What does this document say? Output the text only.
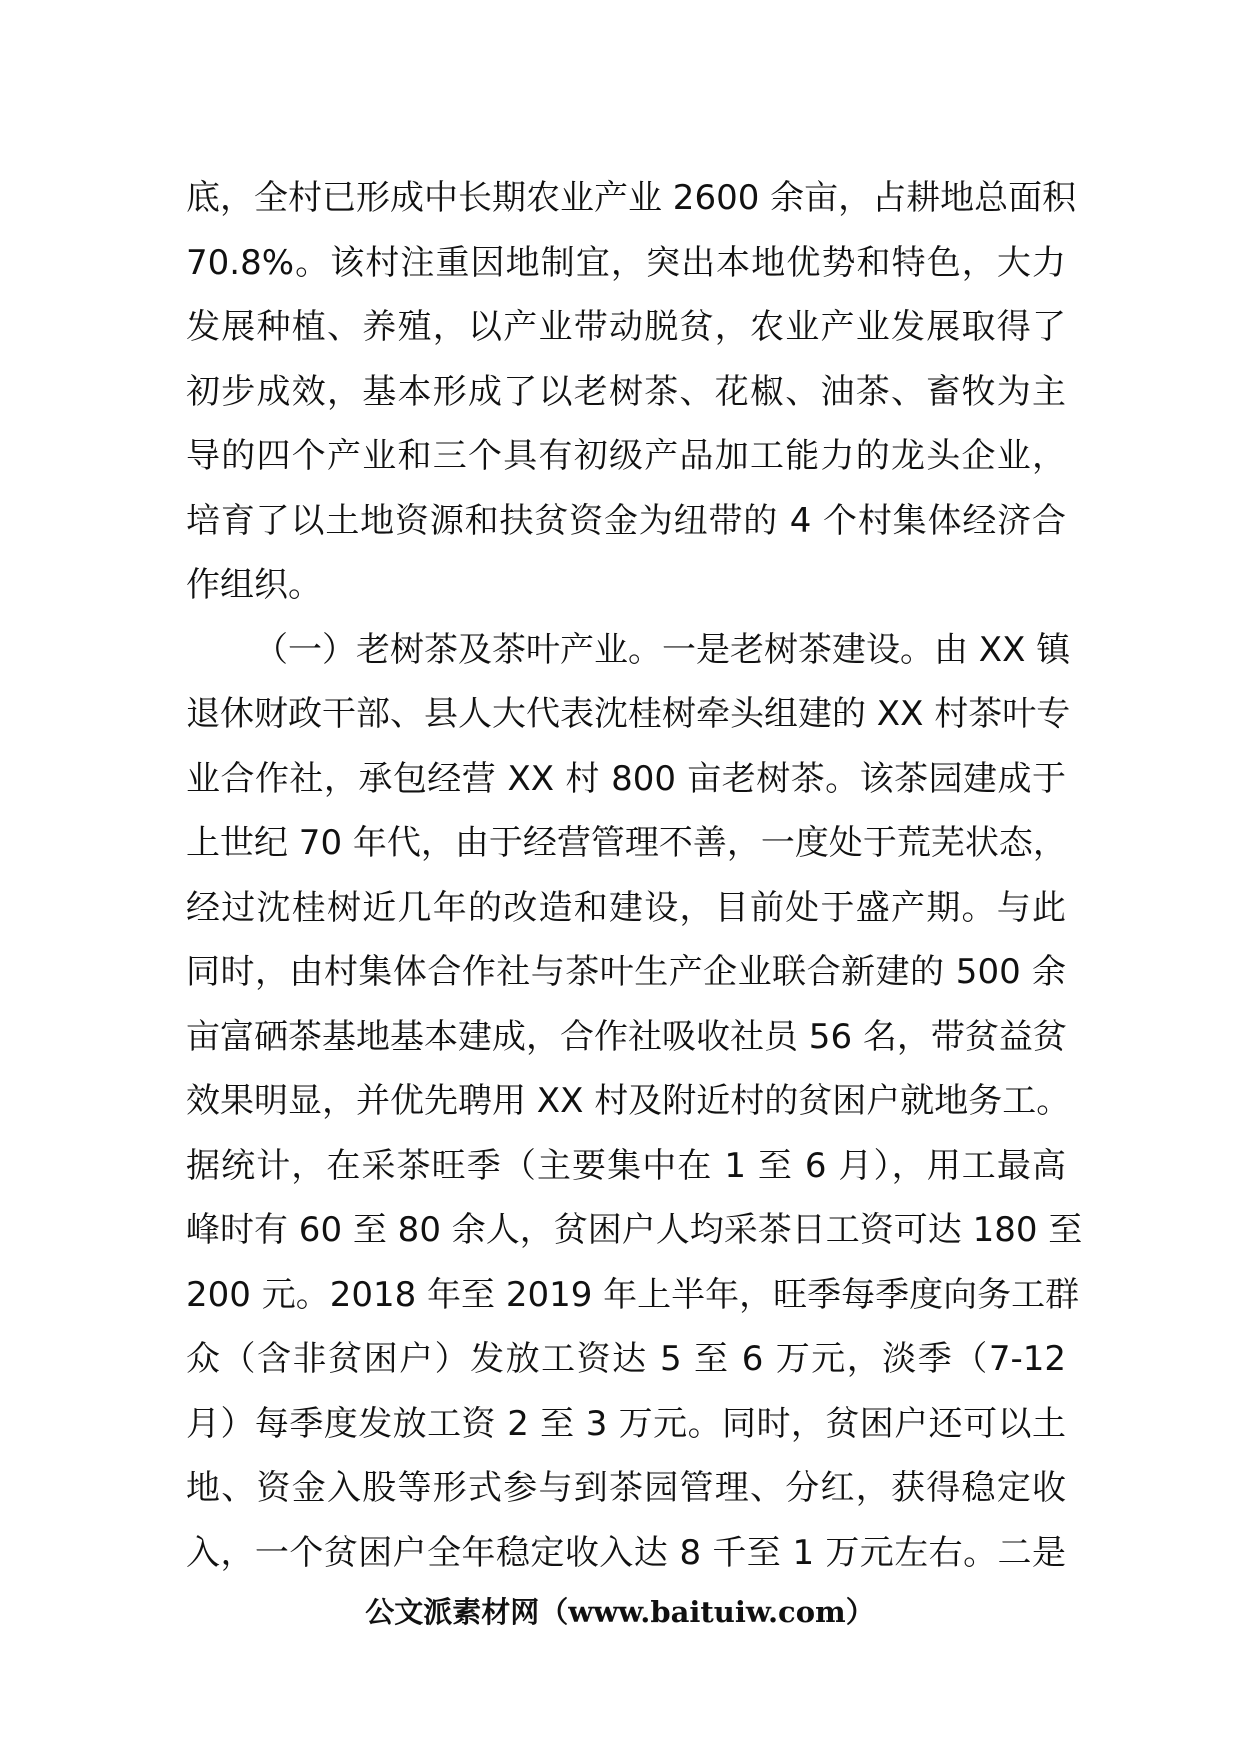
底，全村已形成中长期农业产业 2600 余亩，占耕地总面积
70.8%。该村注重因地制宜，突出本地优势和特色，大力
发展种植、养殖，以产业带动脱贫，农业产业发展取得了
初步成效，基本形成了以老树茶、花椒、油茶、畜牧为主
导的四个产业和三个具有初级产品加工能力的龙头企业，
培育了以土地资源和扶贫资金为纽带的 4 个村集体经济合
作组织。
（一）老树茶及茶叶产业。一是老树茶建设。由 XX 镇
退休财政干部、县人大代表沈桂树牵头组建的 XX 村茶叶专
业合作社，承包经营 XX 村 800 亩老树茶。该茶园建成于
上世纪 70 年代，由于经营管理不善，一度处于荒芜状态，
经过沈桂树近几年的改造和建设，目前处于盛产期。与此
同时，由村集体合作社与茶叶生产企业联合新建的 500 余
亩富硒茶基地基本建成，合作社吸收社员 56 名，带贫益贫
效果明显，并优先聘用 XX 村及附近村的贫困户就地务工。
据统计，在采茶旺季（主要集中在 1 至 6 月），用工最高
峰时有 60 至 80 余人，贫困户人均采茶日工资可达 180 至
200 元。2018 年至 2019 年上半年，旺季每季度向务工群
众（含非贫困户）发放工资达 5 至 6 万元，淡季（7-12
月）每季度发放工资 2 至 3 万元。同时，贫困户还可以土
地、资金入股等形式参与到茶园管理、分红，获得稳定收
入，一个贫困户全年稳定收入达 8 千至 1 万元左右。二是
公文派素材网（www.baituiw.com）
